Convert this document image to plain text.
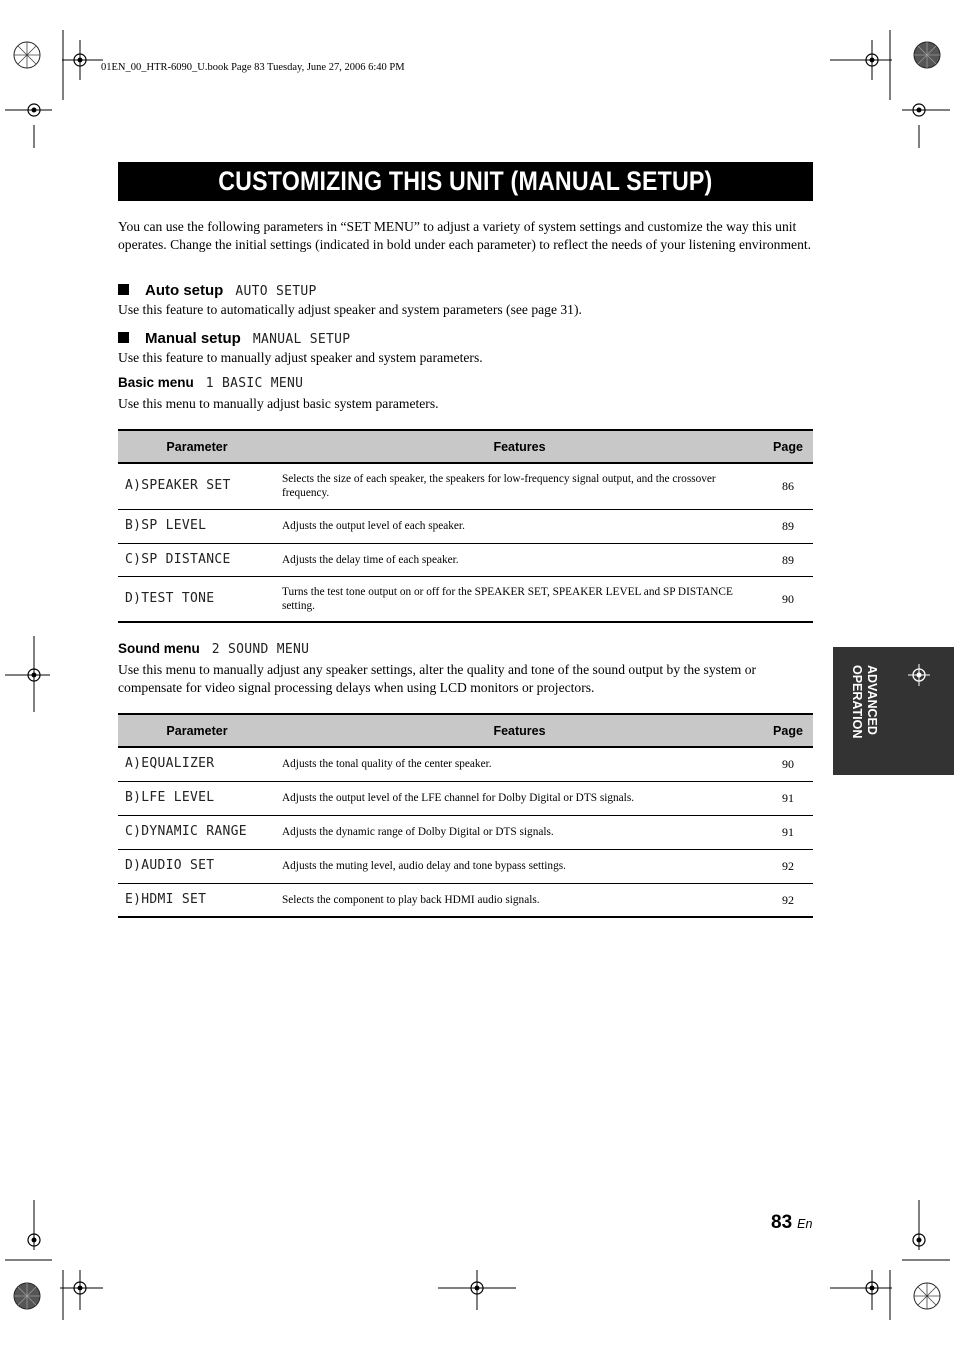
01EN_00_HTR-6090_U.book Page 83 Tuesday, June 27, 2006 6:40 PM
CUSTOMIZING THIS UNIT (MANUAL SETUP)
You can use the following parameters in “SET MENU” to adjust a variety of system settings and customize the way this unit operates. Change the initial settings (indicated in bold under each parameter) to reflect the needs of your listening environment.
Auto setup AUTO SETUP
Use this feature to automatically adjust speaker and system parameters (see page 31).
Manual setup MANUAL SETUP
Use this feature to manually adjust speaker and system parameters.
Basic menu 1 BASIC MENU
Use this menu to manually adjust basic system parameters.
Parameter	Features	Page
A)SPEAKER SET	Selects the size of each speaker, the speakers for low-frequency signal output, and the crossover frequency.	86
B)SP LEVEL	Adjusts the output level of each speaker.	89
C)SP DISTANCE	Adjusts the delay time of each speaker.	89
D)TEST TONE	Turns the test tone output on or off for the SPEAKER SET, SPEAKER LEVEL and SP DISTANCE setting.	90
Sound menu 2 SOUND MENU
Use this menu to manually adjust any speaker settings, alter the quality and tone of the sound output by the system or compensate for video signal processing delays when using LCD monitors or projectors.
Parameter	Features	Page
A)EQUALIZER	Adjusts the tonal quality of the center speaker.	90
B)LFE LEVEL	Adjusts the output level of the LFE channel for Dolby Digital or DTS signals.	91
C)DYNAMIC RANGE	Adjusts the dynamic range of Dolby Digital or DTS signals.	91
D)AUDIO SET	Adjusts the muting level, audio delay and tone bypass settings.	92
E)HDMI SET	Selects the component to play back HDMI audio signals.	92
ADVANCED OPERATION
83 En
